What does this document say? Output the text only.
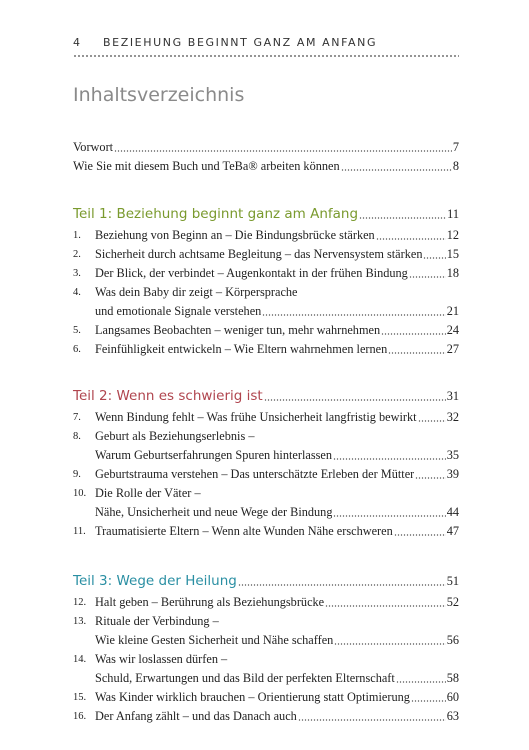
4 BEZIEHUNG BEGINNT GANZ AM ANFANG
Inhaltsverzeichnis
Vorwort	7
Wie Sie mit diesem Buch und TeBa® arbeiten können	8
Teil 1: Beziehung beginnt ganz am Anfang	11
1.	Beziehung von Beginn an – Die Bindungsbrücke stärken	12
2.	Sicherheit durch achtsame Begleitung – das Nervensystem stärken 15
3.	Der Blick, der verbindet – Augenkontakt in der frühen Bindung	18
4.	Was dein Baby dir zeigt – Körpersprache
und emotionale Signale verstehen	21
5.	Langsames Beobachten – weniger tun, mehr wahrnehmen	24
6.	Feinfühligkeit entwickeln – Wie Eltern wahrnehmen lernen	27
Teil 2: Wenn es schwierig ist	31
7.	Wenn Bindung fehlt – Was frühe Unsicherheit langfristig bewirkt 32
8.	Geburt als Beziehungserlebnis –
Warum Geburtserfahrungen Spuren hinterlassen	35
9.	Geburtstrauma verstehen – Das unterschätzte Erleben der Mütter	39
10. Die Rolle der Väter –
Nähe, Unsicherheit und neue Wege der Bindung	44
11. Traumatisierte Eltern – Wenn alte Wunden Nähe erschweren	47
Teil 3: Wege der Heilung	51
12. Halt geben – Berührung als Beziehungsbrücke	52
13. Rituale der Verbindung –
Wie kleine Gesten Sicherheit und Nähe schaffen	56
14. Was wir loslassen dürfen –
Schuld, Erwartungen und das Bild der perfekten Elternschaft	58
15. Was Kinder wirklich brauchen – Orientierung statt Optimierung	60
16. Der Anfang zählt – und das Danach auch	63
